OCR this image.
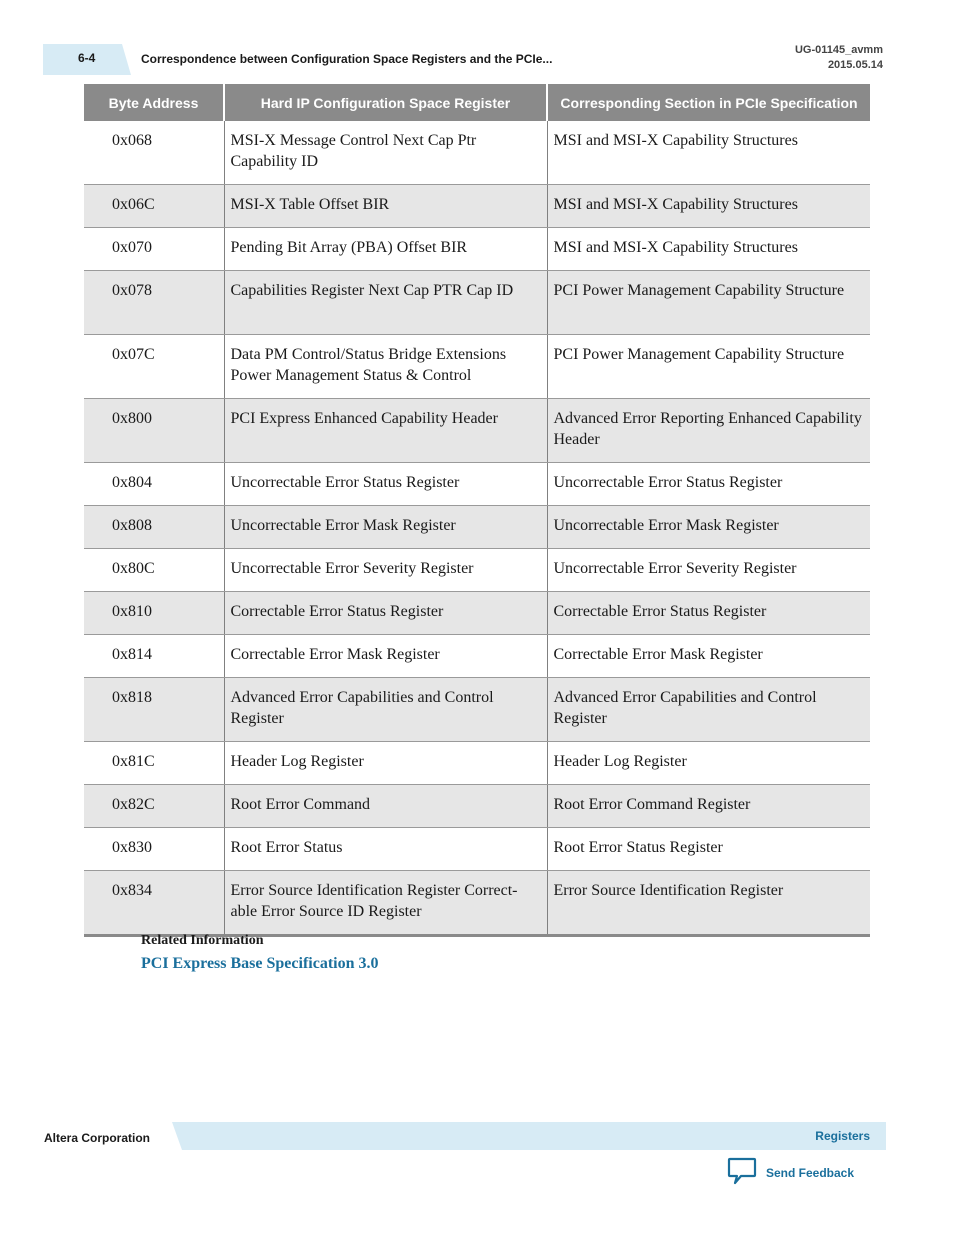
6-4	Correspondence between Configuration Space Registers and the PCIe...
UG-01145_avmm
2015.05.14
Byte Address	Hard IP Configuration Space Register	Corresponding Section in PCIe Specification
0x068	MSI-X Message Control Next Cap Ptr Capability ID	MSI and MSI-X Capability Structures
0x06C	MSI-X Table Offset BIR	MSI and MSI-X Capability Structures
0x070	Pending Bit Array (PBA) Offset BIR	MSI and MSI-X Capability Structures
0x078	Capabilities Register Next Cap PTR Cap ID	PCI Power Management Capability Structure
0x07C	Data PM Control/Status Bridge Extensions Power Management Status & Control	PCI Power Management Capability Structure
0x800	PCI Express Enhanced Capability Header	Advanced Error Reporting Enhanced Capability Header
0x804	Uncorrectable Error Status Register	Uncorrectable Error Status Register
0x808	Uncorrectable Error Mask Register	Uncorrectable Error Mask Register
0x80C	Uncorrectable Error Severity Register	Uncorrectable Error Severity Register
0x810	Correctable Error Status Register	Correctable Error Status Register
0x814	Correctable Error Mask Register	Correctable Error Mask Register
0x818	Advanced Error Capabilities and Control Register	Advanced Error Capabilities and Control Register
0x81C	Header Log Register	Header Log Register
0x82C	Root Error Command	Root Error Command Register
0x830	Root Error Status	Root Error Status Register
0x834	Error Source Identification Register Correct-able Error Source ID Register	Error Source Identification Register
Related Information
PCI Express Base Specification 3.0
Altera Corporation	Registers
Send Feedback
